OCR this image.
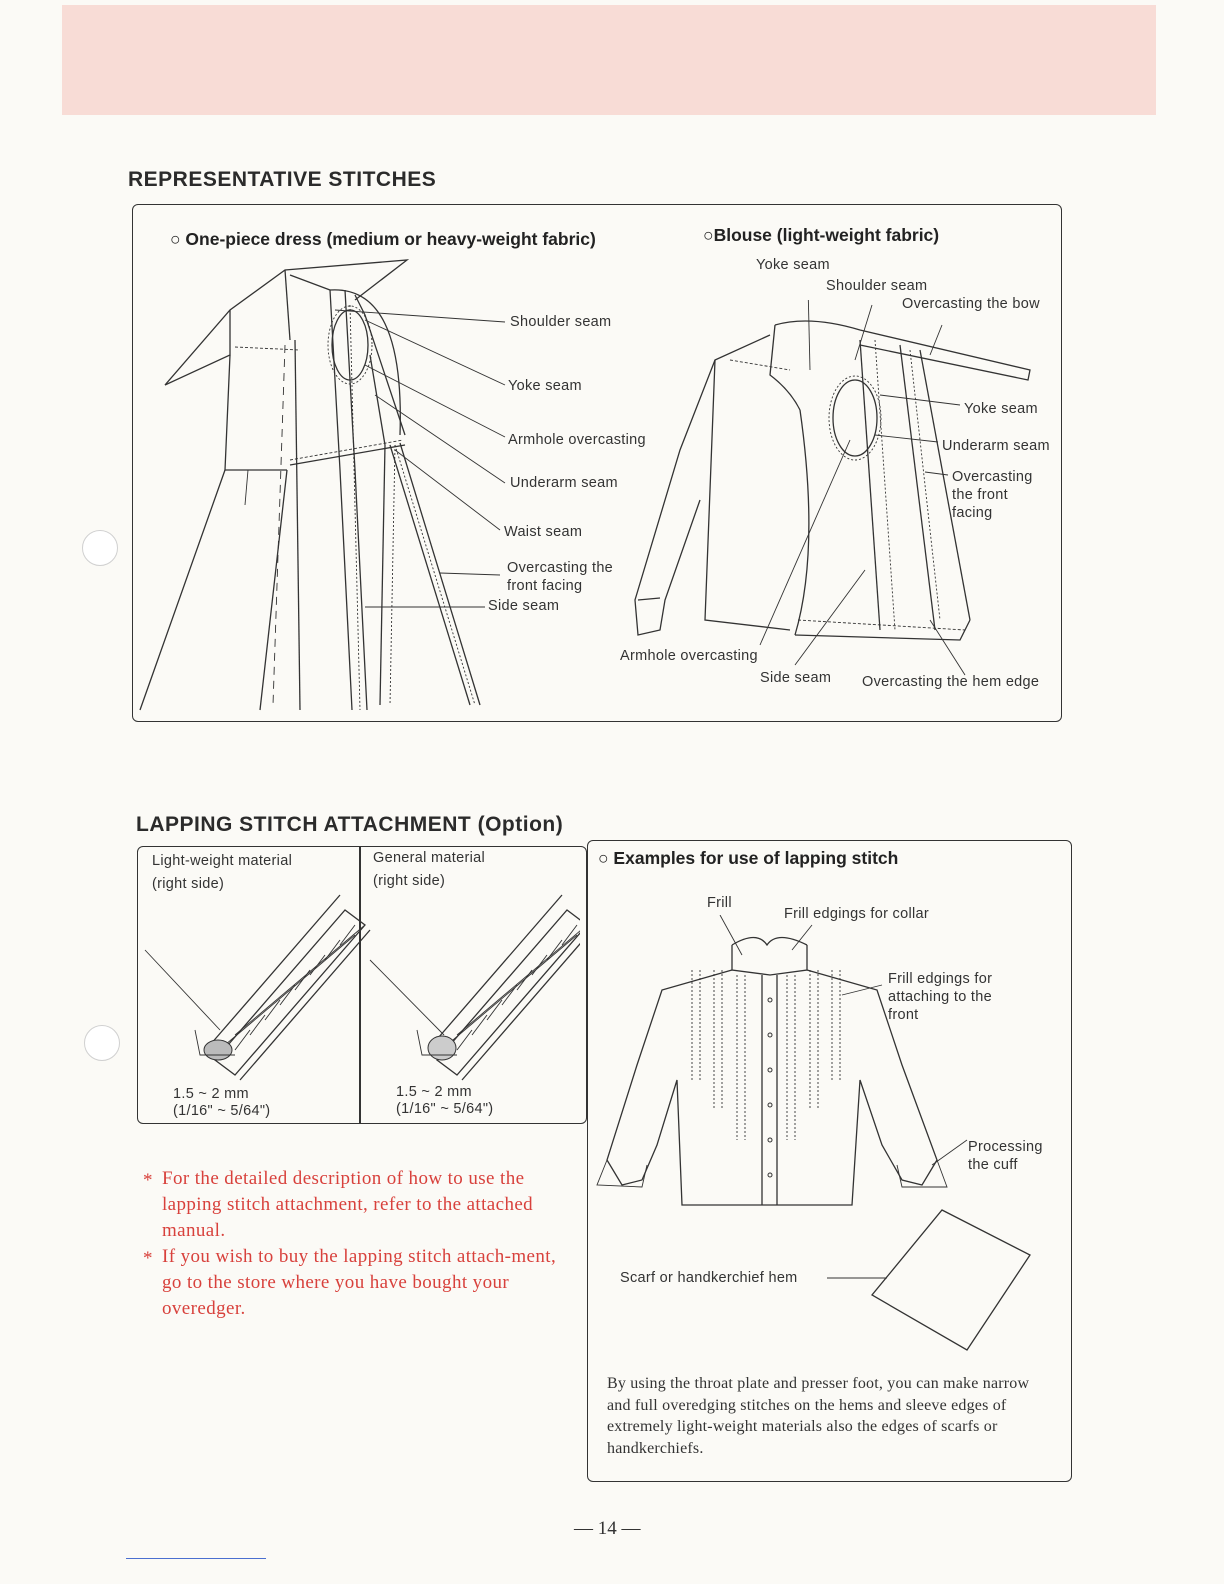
REPRESENTATIVE STITCHES
○ One-piece dress (medium or heavy-weight fabric)	○Blouse (light-weight fabric)
Shoulder seam
Yoke seam
Armhole overcasting
Underarm seam
Waist seam
Overcasting the front facing
Side seam
Yoke seam
Shoulder seam
Overcasting the bow
Yoke seam
Underarm seam
Overcasting the front facing
Armhole overcasting
Side seam Overcasting the hem edge
LAPPING STITCH ATTACHMENT (Option)
Light-weight material
(right side)
General material
(right side)
1.5 ~ 2 mm
(1/16" ~ 5/64")
1.5 ~ 2 mm
(1/16" ~ 5/64")
* For the detailed description of how to use the lapping stitch attachment, refer to the attached manual.
* If you wish to buy the lapping stitch attach-ment, go to the store where you have bought your overedger.
○ Examples for use of lapping stitch
Frill
Frill edgings for collar
Frill edgings for attaching to the front
Processing the cuff
Scarf or handkerchief hem
By using the throat plate and presser foot, you can make narrow and full overedging stitches on the hems and sleeve edges of extremely light-weight materials also the edges of scarfs or handkerchiefs.
— 14 —
